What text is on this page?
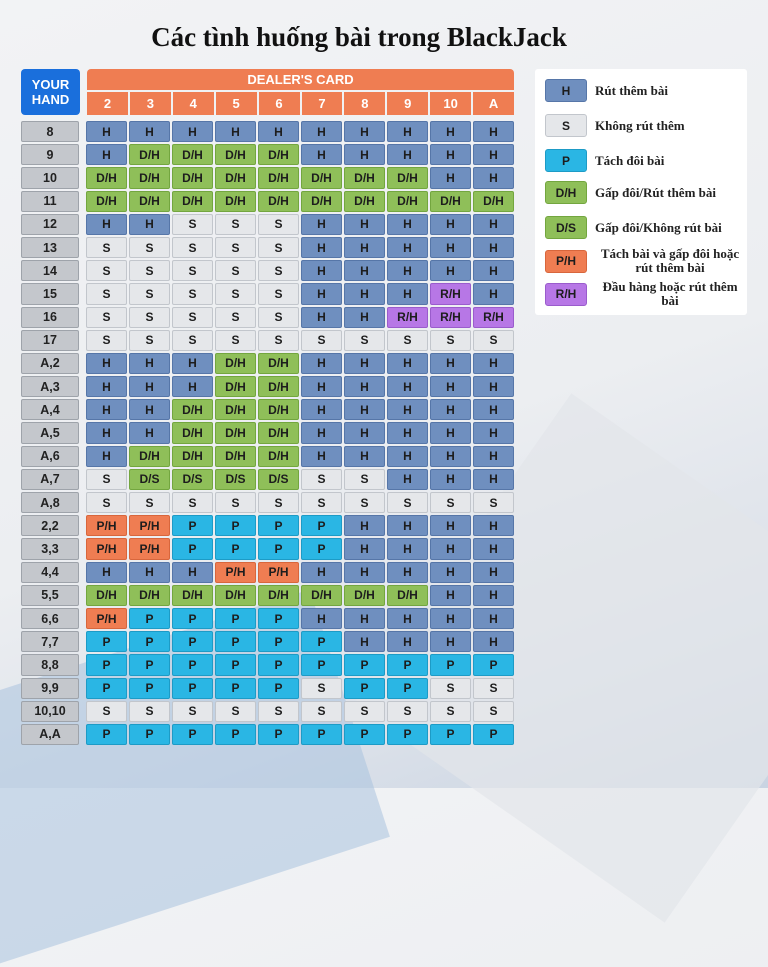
Các tình huống bài trong BlackJack
YOUR HAND
DEALER'S CARD
2	3	4	5	6	7	8	9	10	A
8	H	H	H	H	H	H	H	H	H	H
9	H	D/H	D/H	D/H	D/H	H	H	H	H	H
10	D/H	D/H	D/H	D/H	D/H	D/H	D/H	D/H	H	H
11	D/H	D/H	D/H	D/H	D/H	D/H	D/H	D/H	D/H	D/H
12	H	H	S	S	S	H	H	H	H	H
13	S	S	S	S	S	H	H	H	H	H
14	S	S	S	S	S	H	H	H	H	H
15	S	S	S	S	S	H	H	H	R/H	H
16	S	S	S	S	S	H	H	R/H	R/H	R/H
17	S	S	S	S	S	S	S	S	S	S
A,2	H	H	H	D/H	D/H	H	H	H	H	H
A,3	H	H	H	D/H	D/H	H	H	H	H	H
A,4	H	H	D/H	D/H	D/H	H	H	H	H	H
A,5	H	H	D/H	D/H	D/H	H	H	H	H	H
A,6	H	D/H	D/H	D/H	D/H	H	H	H	H	H
A,7	S	D/S	D/S	D/S	D/S	S	S	H	H	H
A,8	S	S	S	S	S	S	S	S	S	S
2,2	P/H	P/H	P	P	P	P	H	H	H	H
3,3	P/H	P/H	P	P	P	P	H	H	H	H
4,4	H	H	H	P/H	P/H	H	H	H	H	H
5,5	D/H	D/H	D/H	D/H	D/H	D/H	D/H	D/H	H	H
6,6	P/H	P	P	P	P	H	H	H	H	H
7,7	P	P	P	P	P	P	H	H	H	H
8,8	P	P	P	P	P	P	P	P	P	P
9,9	P	P	P	P	P	S	P	P	S	S
10,10	S	S	S	S	S	S	S	S	S	S
A,A	P	P	P	P	P	P	P	P	P	P
H	Rút thêm bài
S	Không rút thêm
P	Tách đôi bài
D/H	Gấp đôi/Rút thêm bài
D/S	Gấp đôi/Không rút bài
P/H	Tách bài và gấp đôi hoặc rút thêm bài
R/H	Đầu hàng hoặc rút thêm bài
